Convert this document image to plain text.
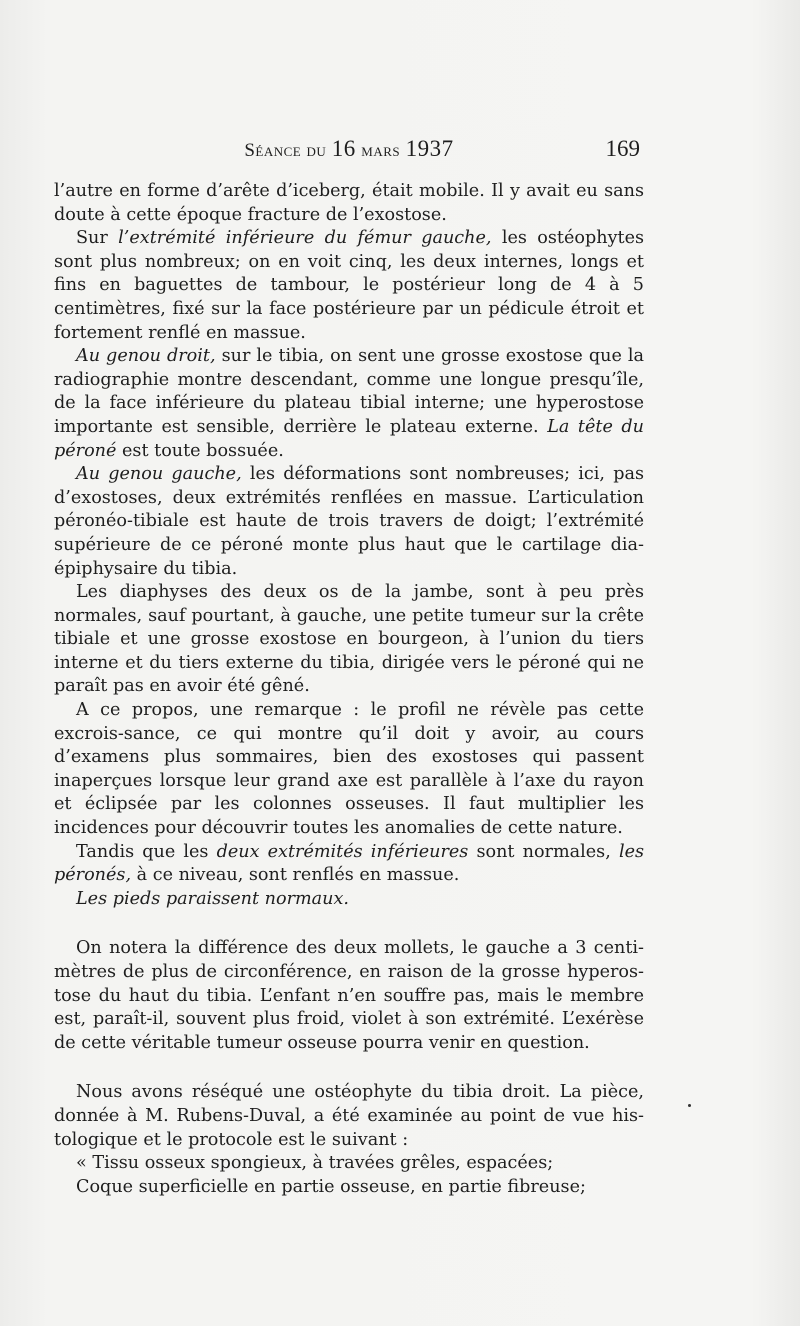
Séance du 16 mars 1937	169

l’autre en forme d’arête d’iceberg, était mobile. Il y avait eu sans doute à cette époque fracture de l’exostose.

Sur l’extrémité inférieure du fémur gauche, les ostéophytes sont plus nombreux; on en voit cinq, les deux internes, longs et fins en baguettes de tambour, le postérieur long de 4 à 5 centimètres, fixé sur la face postérieure par un pédicule étroit et fortement renflé en massue.

Au genou droit, sur le tibia, on sent une grosse exostose que la radiographie montre descendant, comme une longue presqu’île, de la face inférieure du plateau tibial interne; une hyperostose importante est sensible, derrière le plateau externe. La tête du péroné est toute bossuée.

Au genou gauche, les déformations sont nombreuses; ici, pas d’exostoses, deux extrémités renflées en massue. L’articulation péronéo-tibiale est haute de trois travers de doigt; l’extrémité supérieure de ce péroné monte plus haut que le cartilage dia-épiphysaire du tibia.

Les diaphyses des deux os de la jambe, sont à peu près normales, sauf pourtant, à gauche, une petite tumeur sur la crête tibiale et une grosse exostose en bourgeon, à l’union du tiers interne et du tiers externe du tibia, dirigée vers le péroné qui ne paraît pas en avoir été gêné.

A ce propos, une remarque : le profil ne révèle pas cette excrois-sance, ce qui montre qu’il doit y avoir, au cours d’examens plus sommaires, bien des exostoses qui passent inaperçues lorsque leur grand axe est parallèle à l’axe du rayon et éclipsée par les colonnes osseuses. Il faut multiplier les incidences pour découvrir toutes les anomalies de cette nature.

Tandis que les deux extrémités inférieures sont normales, les péronés, à ce niveau, sont renflés en massue.

Les pieds paraissent normaux.

On notera la différence des deux mollets, le gauche a 3 centi-mètres de plus de circonférence, en raison de la grosse hyperos-tose du haut du tibia. L’enfant n’en souffre pas, mais le membre est, paraît-il, souvent plus froid, violet à son extrémité. L’exérèse de cette véritable tumeur osseuse pourra venir en question.

Nous avons réséqué une ostéophyte du tibia droit. La pièce, donnée à M. Rubens-Duval, a été examinée au point de vue his-tologique et le protocole est le suivant :

« Tissu osseux spongieux, à travées grêles, espacées;

Coque superficielle en partie osseuse, en partie fibreuse;
